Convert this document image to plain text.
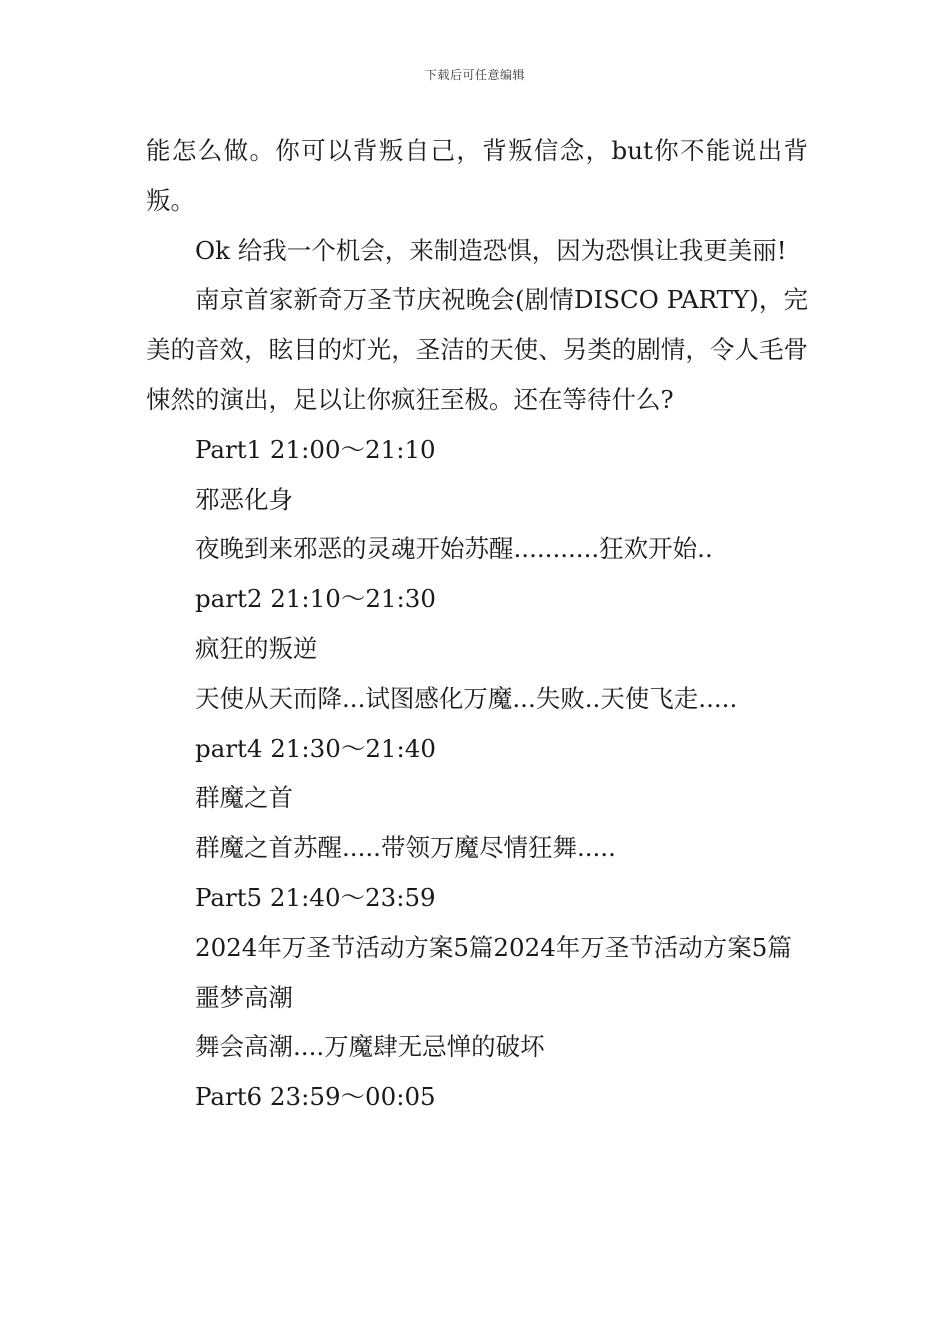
下载后可任意编辑

能怎么做。你可以背叛自己，背叛信念，but你不能说出背叛。

Ok 给我一个机会，来制造恐惧，因为恐惧让我更美丽!

南京首家新奇万圣节庆祝晚会(剧情DISCO PARTY)，完美的音效，眩目的灯光，圣洁的天使、另类的剧情，令人毛骨悚然的演出，足以让你疯狂至极。还在等待什么?

Part1 21:00～21:10

邪恶化身

夜晚到来邪恶的灵魂开始苏醒...........狂欢开始..

part2 21:10～21:30

疯狂的叛逆

天使从天而降...试图感化万魔...失败..天使飞走.....

part4 21:30～21:40

群魔之首

群魔之首苏醒.....带领万魔尽情狂舞.....

Part5 21:40～23:59

2024年万圣节活动方案5篇2024年万圣节活动方案5篇

噩梦高潮

舞会高潮....万魔肆无忌惮的破坏

Part6 23:59～00:05
